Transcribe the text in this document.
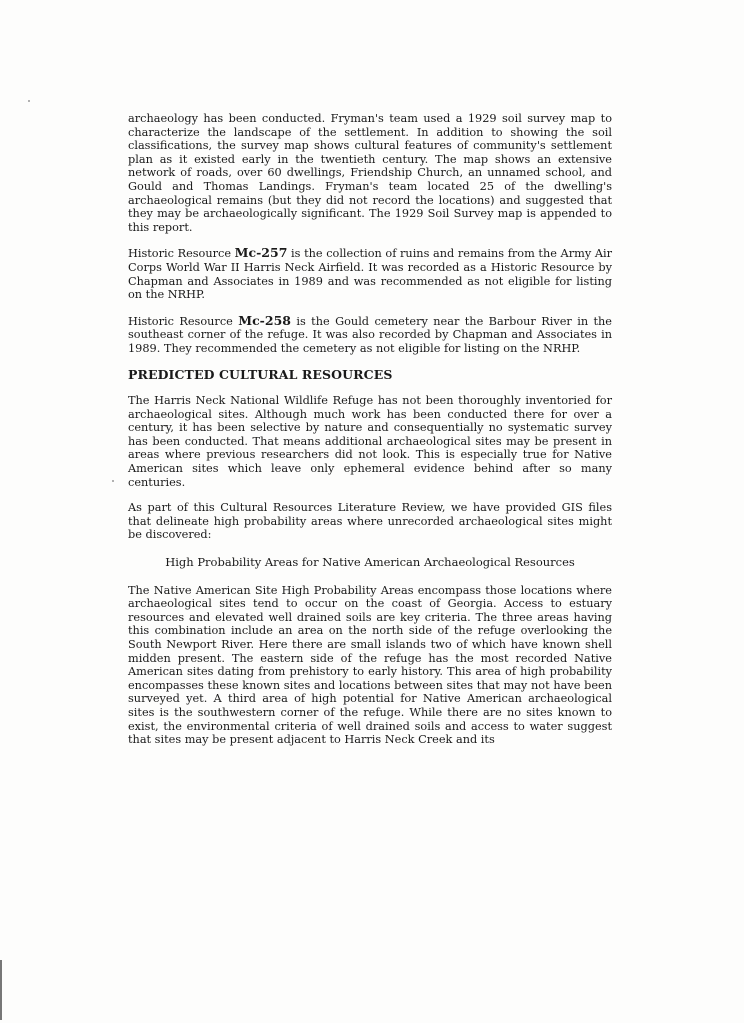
archaeology has been conducted. Fryman's team used a 1929 soil survey map to characterize the landscape of the settlement. In addition to showing the soil classifications, the survey map shows cultural features of community's settlement plan as it existed early in the twentieth century. The map shows an extensive network of roads, over 60 dwellings, Friendship Church, an unnamed school, and Gould and Thomas Landings. Fryman's team located 25 of the dwelling's archaeological remains (but they did not record the locations) and suggested that they may be archaeologically significant. The 1929 Soil Survey map is appended to this report.

Historic Resource Mc-257 is the collection of ruins and remains from the Army Air Corps World War II Harris Neck Airfield. It was recorded as a Historic Resource by Chapman and Associates in 1989 and was recommended as not eligible for listing on the NRHP.

Historic Resource Mc-258 is the Gould cemetery near the Barbour River in the southeast corner of the refuge. It was also recorded by Chapman and Associates in 1989. They recommended the cemetery as not eligible for listing on the NRHP.

PREDICTED CULTURAL RESOURCES

The Harris Neck National Wildlife Refuge has not been thoroughly inventoried for archaeological sites. Although much work has been conducted there for over a century, it has been selective by nature and consequentially no systematic survey has been conducted. That means additional archaeological sites may be present in areas where previous researchers did not look. This is especially true for Native American sites which leave only ephemeral evidence behind after so many centuries.

As part of this Cultural Resources Literature Review, we have provided GIS files that delineate high probability areas where unrecorded archaeological sites might be discovered:

High Probability Areas for Native American Archaeological Resources

The Native American Site High Probability Areas encompass those locations where archaeological sites tend to occur on the coast of Georgia. Access to estuary resources and elevated well drained soils are key criteria. The three areas having this combination include an area on the north side of the refuge overlooking the South Newport River. Here there are small islands two of which have known shell midden present. The eastern side of the refuge has the most recorded Native American sites dating from prehistory to early history. This area of high probability encompasses these known sites and locations between sites that may not have been surveyed yet. A third area of high potential for Native American archaeological sites is the southwestern corner of the refuge. While there are no sites known to exist, the environmental criteria of well drained soils and access to water suggest that sites may be present adjacent to Harris Neck Creek and its
